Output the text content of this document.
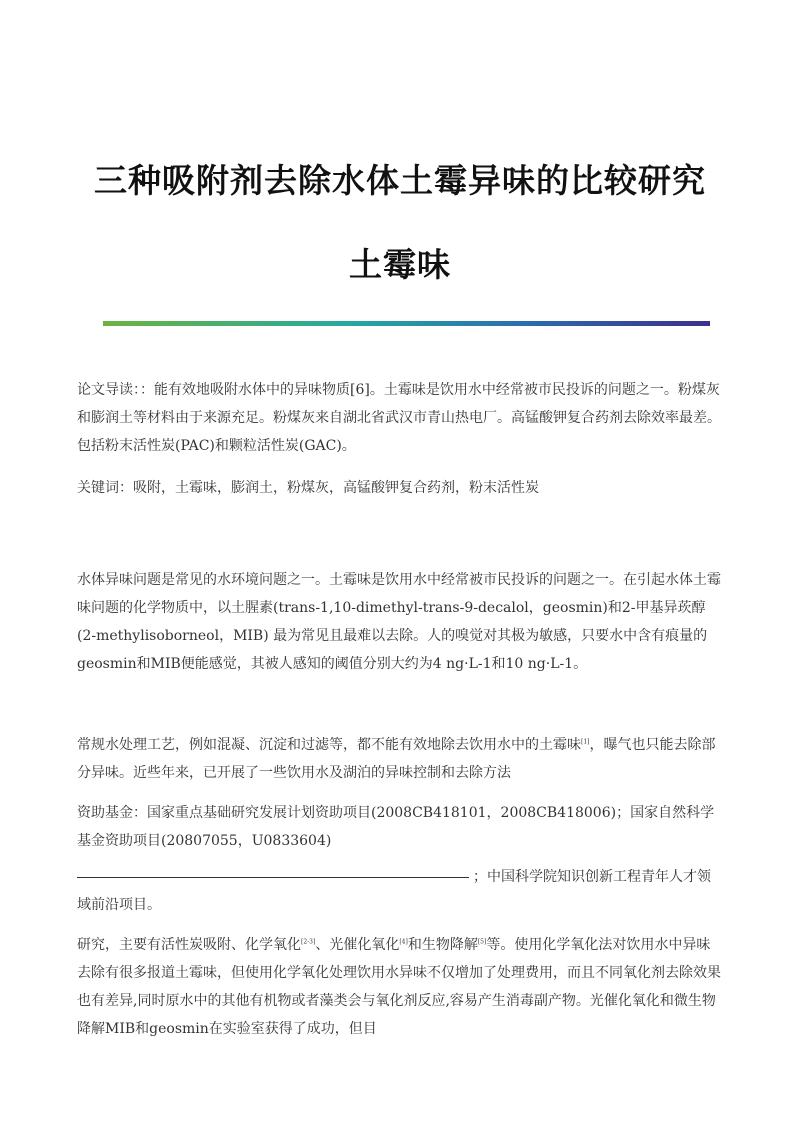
三种吸附剂去除水体土霉异味的比较研究
土霉味

论文导读：：能有效地吸附水体中的异味物质[6]。土霉味是饮用水中经常被市民投诉的问题之一。粉煤灰和膨润土等材料由于来源充足。粉煤灰来自湖北省武汉市青山热电厂。高锰酸钾复合药剂去除效率最差。包括粉末活性炭(PAC)和颗粒活性炭(GAC)。

关键词：吸附，土霉味，膨润土，粉煤灰，高锰酸钾复合药剂，粉末活性炭

水体异味问题是常见的水环境问题之一。土霉味是饮用水中经常被市民投诉的问题之一。在引起水体土霉味问题的化学物质中，以土腥素(trans-1,10-dimethyl-trans-9-decalol，geosmin)和2-甲基异莰醇(2-methylisoborneol，MIB) 最为常见且最难以去除。人的嗅觉对其极为敏感，只要水中含有痕量的geosmin和MIB便能感觉，其被人感知的阈值分别大约为4 ng·L-1和10 ng·L-1。

常规水处理工艺，例如混凝、沉淀和过滤等，都不能有效地除去饮用水中的土霉味[1]，曝气也只能去除部分异味。近些年来，已开展了一些饮用水及湖泊的异味控制和去除方法

资助基金：国家重点基础研究发展计划资助项目(2008CB418101，2008CB418006)；国家自然科学基金资助项目(20807055，U0833604)

；中国科学院知识创新工程青年人才领域前沿项目。

研究，主要有活性炭吸附、化学氧化[2-3]、光催化氧化[4]和生物降解[5]等。使用化学氧化法对饮用水中异味去除有很多报道土霉味，但使用化学氧化处理饮用水异味不仅增加了处理费用，而且不同氧化剂去除效果也有差异,同时原水中的其他有机物或者藻类会与氧化剂反应,容易产生消毒副产物。光催化氧化和微生物降解MIB和geosmin在实验室获得了成功，但目
